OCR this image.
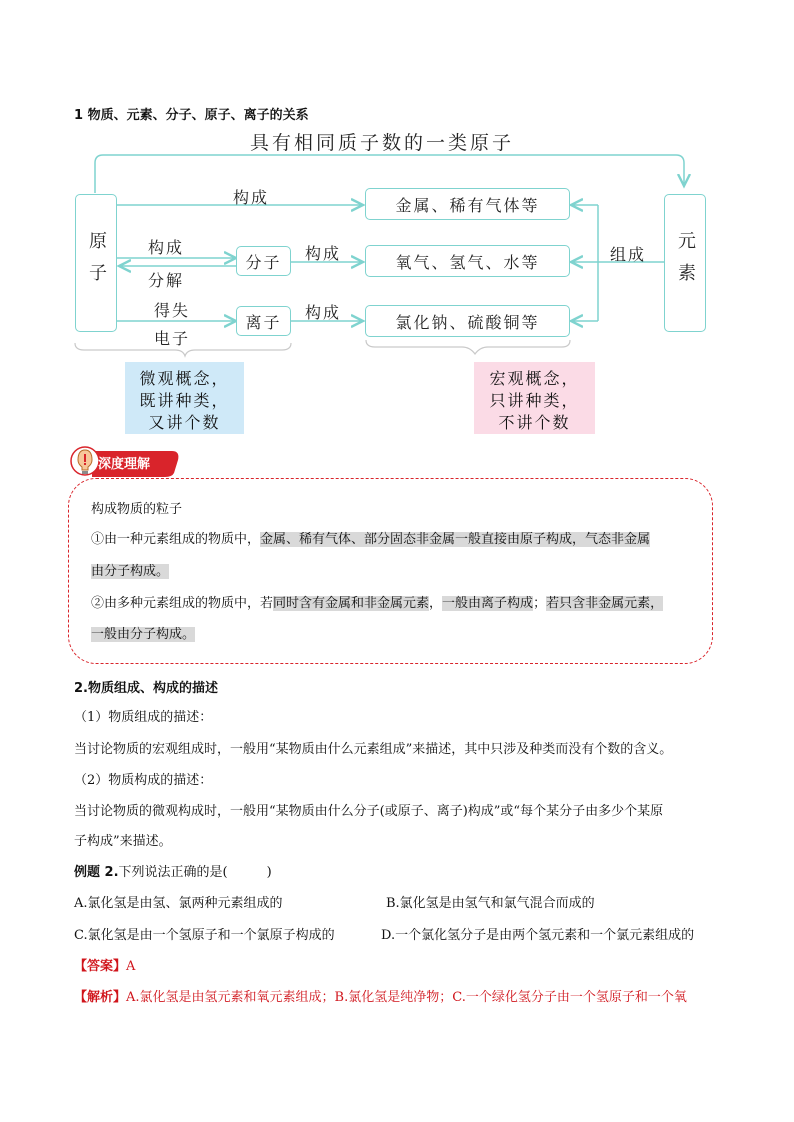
1 物质、元素、分子、原子、离子的关系
具有相同质子数的一类原子
原子	元素
分子
离子
金属、稀有气体等
氧气、氢气、水等
氯化钠、硫酸铜等
构成
构成
分解
构成
得失
电子
构成
组成
微观概念，
既讲种类，
又讲个数
宏观概念，
只讲种类，
不讲个数
深度理解
构成物质的粒子
①由一种元素组成的物质中，金属、稀有气体、部分固态非金属一般直接由原子构成，气态非金属
由分子构成。
②由多种元素组成的物质中，若同时含有金属和非金属元素，一般由离子构成；若只含非金属元素，
一般由分子构成。
2.物质组成、构成的描述
（1）物质组成的描述：
当讨论物质的宏观组成时，一般用“某物质由什么元素组成”来描述，其中只涉及种类而没有个数的含义。
（2）物质构成的描述：
当讨论物质的微观构成时，一般用“某物质由什么分子(或原子、离子)构成”或“每个某分子由多少个某原
子构成”来描述。
例题 2.下列说法正确的是(　　　)
A.氯化氢是由氢、氯两种元素组成的	B.氯化氢是由氢气和氯气混合而成的
C.氯化氢是由一个氢原子和一个氯原子构成的	D.一个氯化氢分子是由两个氢元素和一个氯元素组成的
【答案】A
【解析】A.氯化氢是由氢元素和氧元素组成；B.氯化氢是纯净物；C.一个绿化氢分子由一个氢原子和一个氧
